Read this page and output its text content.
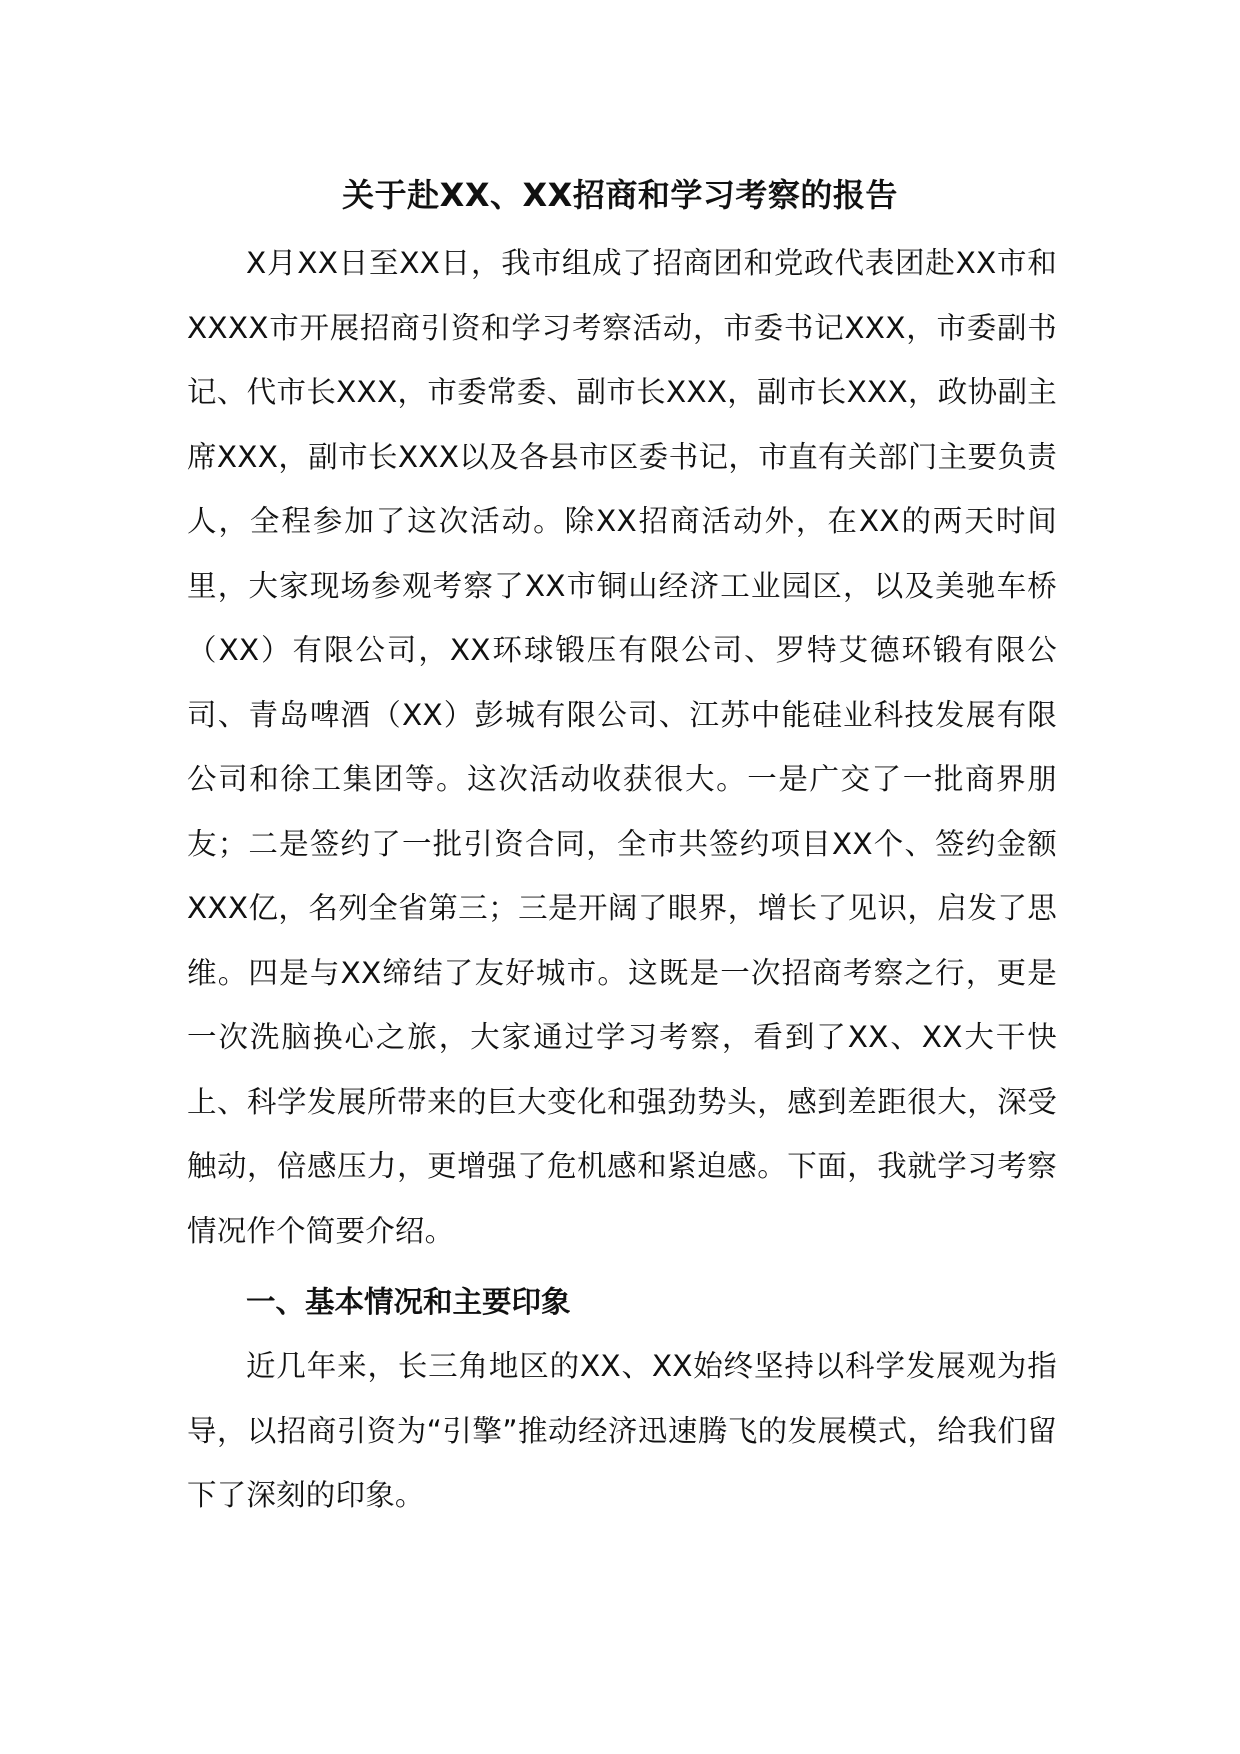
关于赴XX、XX招商和学习考察的报告

X月XX日至XX日，我市组成了招商团和党政代表团赴XX市和XXXX市开展招商引资和学习考察活动，市委书记XXX，市委副书记、代市长XXX，市委常委、副市长XXX，副市长XXX，政协副主席XXX，副市长XXX以及各县市区委书记，市直有关部门主要负责人，全程参加了这次活动。除XX招商活动外，在XX的两天时间里，大家现场参观考察了XX市铜山经济工业园区，以及美驰车桥（XX）有限公司，XX环球锻压有限公司、罗特艾德环锻有限公司、青岛啤酒（XX）彭城有限公司、江苏中能硅业科技发展有限公司和徐工集团等。这次活动收获很大。一是广交了一批商界朋友；二是签约了一批引资合同，全市共签约项目XX个、签约金额XXX亿，名列全省第三；三是开阔了眼界，增长了见识，启发了思维。四是与XX缔结了友好城市。这既是一次招商考察之行，更是一次洗脑换心之旅，大家通过学习考察，看到了XX、XX大干快上、科学发展所带来的巨大变化和强劲势头，感到差距很大，深受触动，倍感压力，更增强了危机感和紧迫感。下面，我就学习考察情况作个简要介绍。

一、基本情况和主要印象

近几年来，长三角地区的XX、XX始终坚持以科学发展观为指导，以招商引资为“引擎”推动经济迅速腾飞的发展模式，给我们留下了深刻的印象。
